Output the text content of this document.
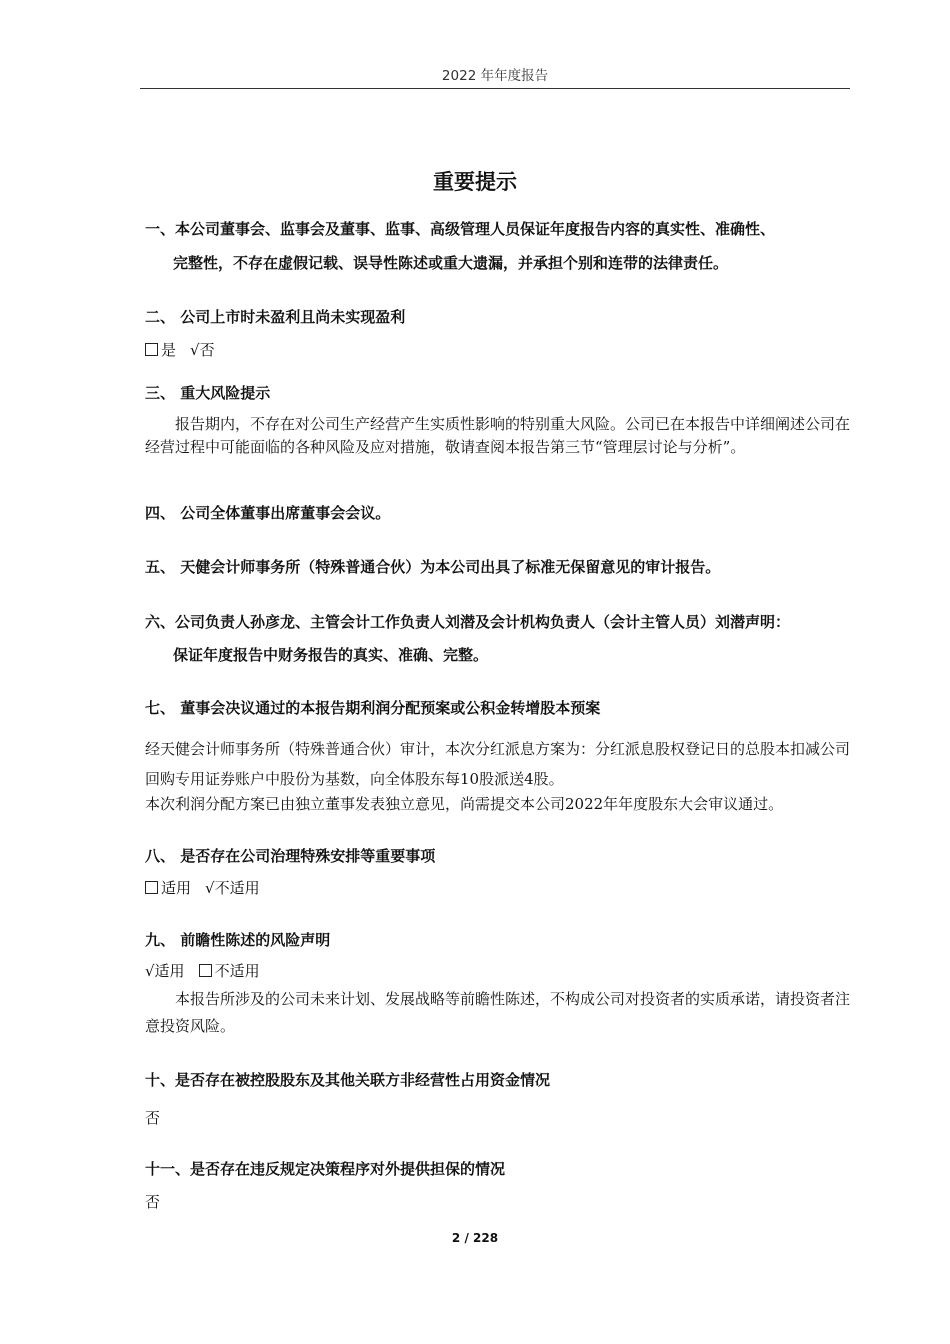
2022 年年度报告
重要提示
一、本公司董事会、监事会及董事、监事、高级管理人员保证年度报告内容的真实性、准确性、
完整性，不存在虚假记载、误导性陈述或重大遗漏，并承担个别和连带的法律责任。
二、 公司上市时未盈利且尚未实现盈利
是 √否
三、 重大风险提示
报告期内，不存在对公司生产经营产生实质性影响的特别重大风险。公司已在本报告中详细阐述公司在经营过程中可能面临的各种风险及应对措施，敬请查阅本报告第三节“管理层讨论与分析”。
四、 公司全体董事出席董事会会议。
五、 天健会计师事务所（特殊普通合伙）为本公司出具了标准无保留意见的审计报告。
六、公司负责人孙彦龙、主管会计工作负责人刘潜及会计机构负责人（会计主管人员）刘潜声明：
保证年度报告中财务报告的真实、准确、完整。
七、 董事会决议通过的本报告期利润分配预案或公积金转增股本预案
经天健会计师事务所（特殊普通合伙）审计，本次分红派息方案为：分红派息股权登记日的总股本扣减公司回购专用证券账户中股份为基数，向全体股东每10股派送4股。
本次利润分配方案已由独立董事发表独立意见，尚需提交本公司2022年年度股东大会审议通过。
八、 是否存在公司治理特殊安排等重要事项
适用 √不适用
九、 前瞻性陈述的风险声明
√适用 不适用
本报告所涉及的公司未来计划、发展战略等前瞻性陈述，不构成公司对投资者的实质承诺，请投资者注意投资风险。
十、是否存在被控股股东及其他关联方非经营性占用资金情况
否
十一、是否存在违反规定决策程序对外提供担保的情况
否
2 / 228
